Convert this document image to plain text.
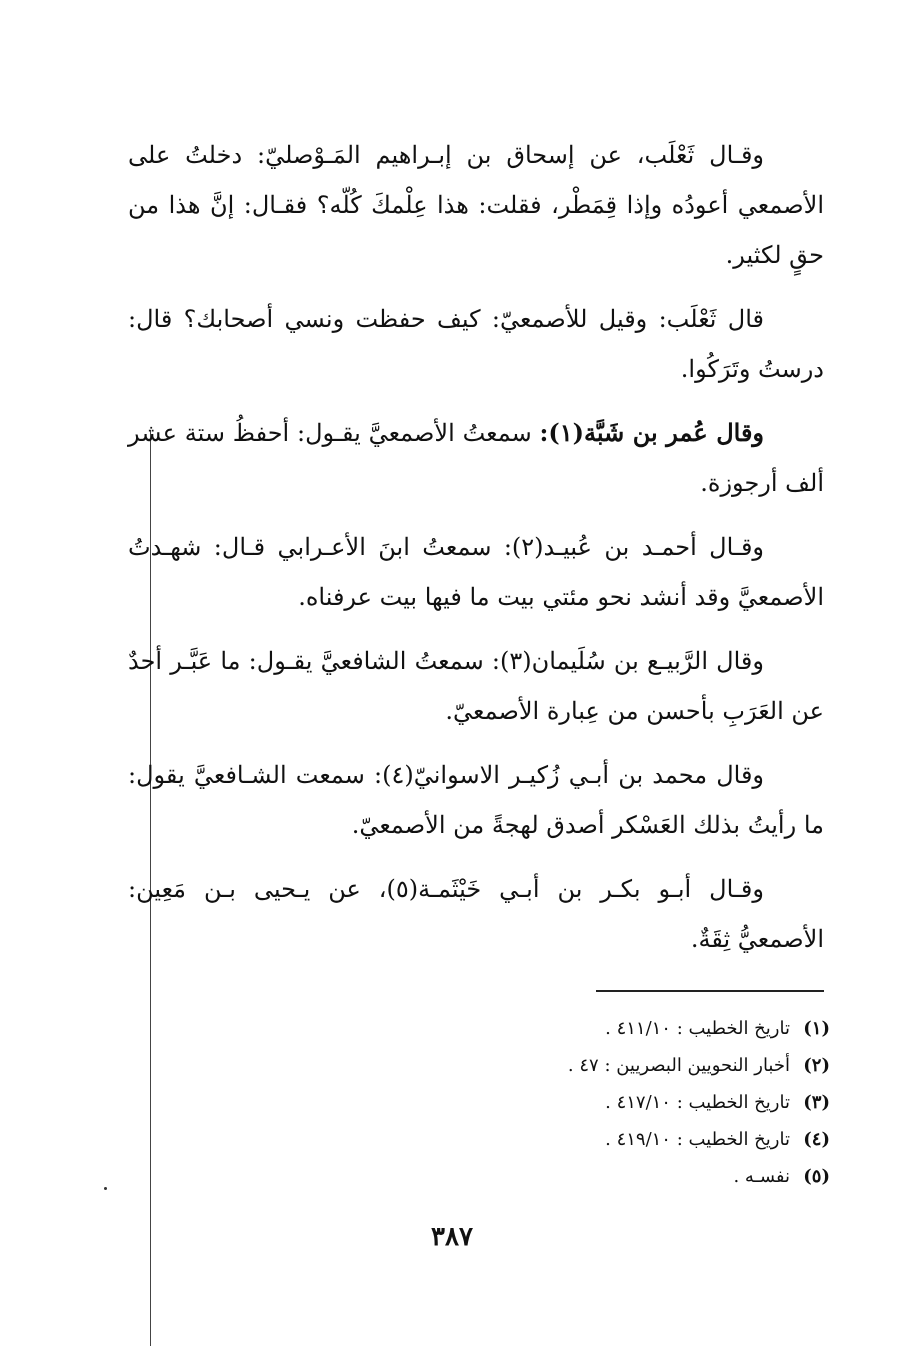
وقـال ثَعْلَب، عن إسحاق بن إبـراهيم المَـوْصليّ: دخلتُ على الأصمعي أعودُه وإذا قِمَطْر، فقلت: هذا عِلْمكَ كُلّه؟ فقـال: إنَّ هذا من حقٍ لكثير.

قال ثَعْلَب: وقيل للأصمعيّ: كيف حفظت ونسي أصحابك؟ قال: درستُ وتَرَكُوا.

وقال عُمر بن شَبَّة(١): سمعتُ الأصمعيَّ يقـول: أحفظُ ستة عشر ألف أرجوزة.

وقـال أحمـد بن عُبيـد(٢): سمعتُ ابنَ الأعـرابي قـال: شهـدتُ الأصمعيَّ وقد أنشد نحو مئتي بيت ما فيها بيت عرفناه.

وقال الرَّبيـع بن سُلَيمان(٣): سمعتُ الشافعيَّ يقـول: ما عَبَّـر أحدٌ عن العَرَبِ بأحسن من عِبارة الأصمعيّ.

وقال محمد بن أبـي زُكيـر الاسوانيّ(٤): سمعت الشـافعيَّ يقول: ما رأيتُ بذلك العَسْكر أصدق لهجةً من الأصمعيّ.

وقـال أبـو بكـر بن أبـي خَيْثَمـة(٥)، عن يـحيى بـن مَعِين: الأصمعيُّ ثِقَةٌ.

(١)
تاريخ الخطيب : ٤١١/١٠ .
(٢)
أخبار النحويين البصريين : ٤٧ .
(٣)
تاريخ الخطيب : ٤١٧/١٠ .
(٤)
تاريخ الخطيب : ٤١٩/١٠ .
(٥)
نفسـه .
٣٨٧
